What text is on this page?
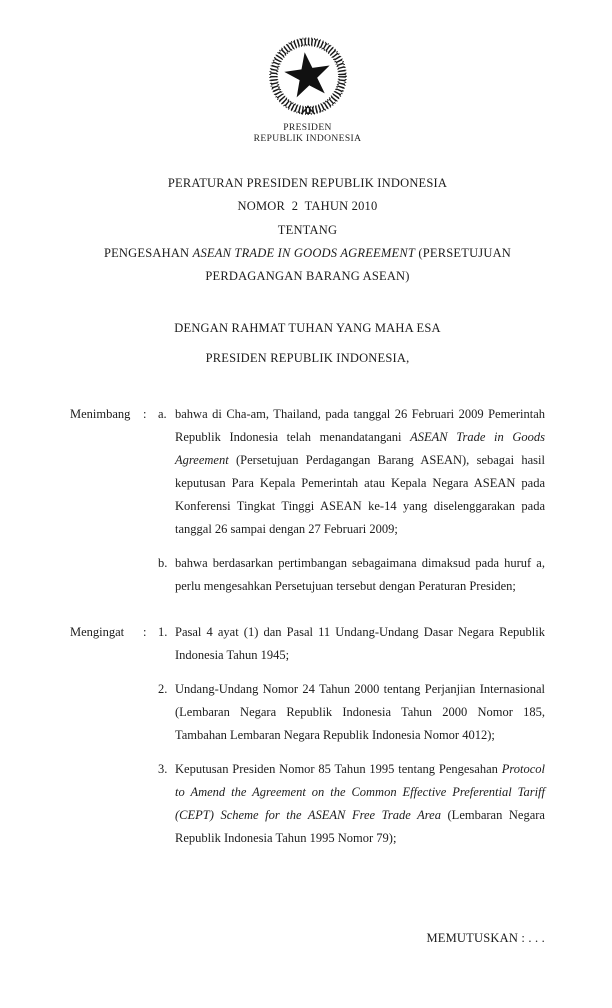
PRESIDEN
REPUBLIK INDONESIA
PERATURAN PRESIDEN REPUBLIK INDONESIA
NOMOR  2  TAHUN 2010
TENTANG
PENGESAHAN ASEAN TRADE IN GOODS AGREEMENT (PERSETUJUAN
PERDAGANGAN BARANG ASEAN)
DENGAN RAHMAT TUHAN YANG MAHA ESA
PRESIDEN REPUBLIK INDONESIA,
Menimbang	: a. bahwa di Cha-am, Thailand, pada tanggal 26 Februari 2009 Pemerintah Republik Indonesia telah menandatangani ASEAN Trade in Goods Agreement (Persetujuan Perdagangan Barang ASEAN), sebagai hasil keputusan Para Kepala Pemerintah atau Kepala Negara ASEAN pada Konferensi Tingkat Tinggi ASEAN ke-14 yang diselenggarakan pada tanggal 26 sampai dengan 27 Februari 2009;
b. bahwa berdasarkan pertimbangan sebagaimana dimaksud pada huruf a, perlu mengesahkan Persetujuan tersebut dengan Peraturan Presiden;
Mengingat	: 1. Pasal 4 ayat (1) dan Pasal 11 Undang-Undang Dasar Negara Republik Indonesia Tahun 1945;
2. Undang-Undang Nomor 24 Tahun 2000 tentang Perjanjian Internasional (Lembaran Negara Republik Indonesia Tahun 2000 Nomor 185, Tambahan Lembaran Negara Republik Indonesia Nomor 4012);
3. Keputusan Presiden Nomor 85 Tahun 1995 tentang Pengesahan Protocol to Amend the Agreement on the Common Effective Preferential Tariff (CEPT) Scheme for the ASEAN Free Trade Area (Lembaran Negara Republik Indonesia Tahun 1995 Nomor 79);
MEMUTUSKAN : . . .
